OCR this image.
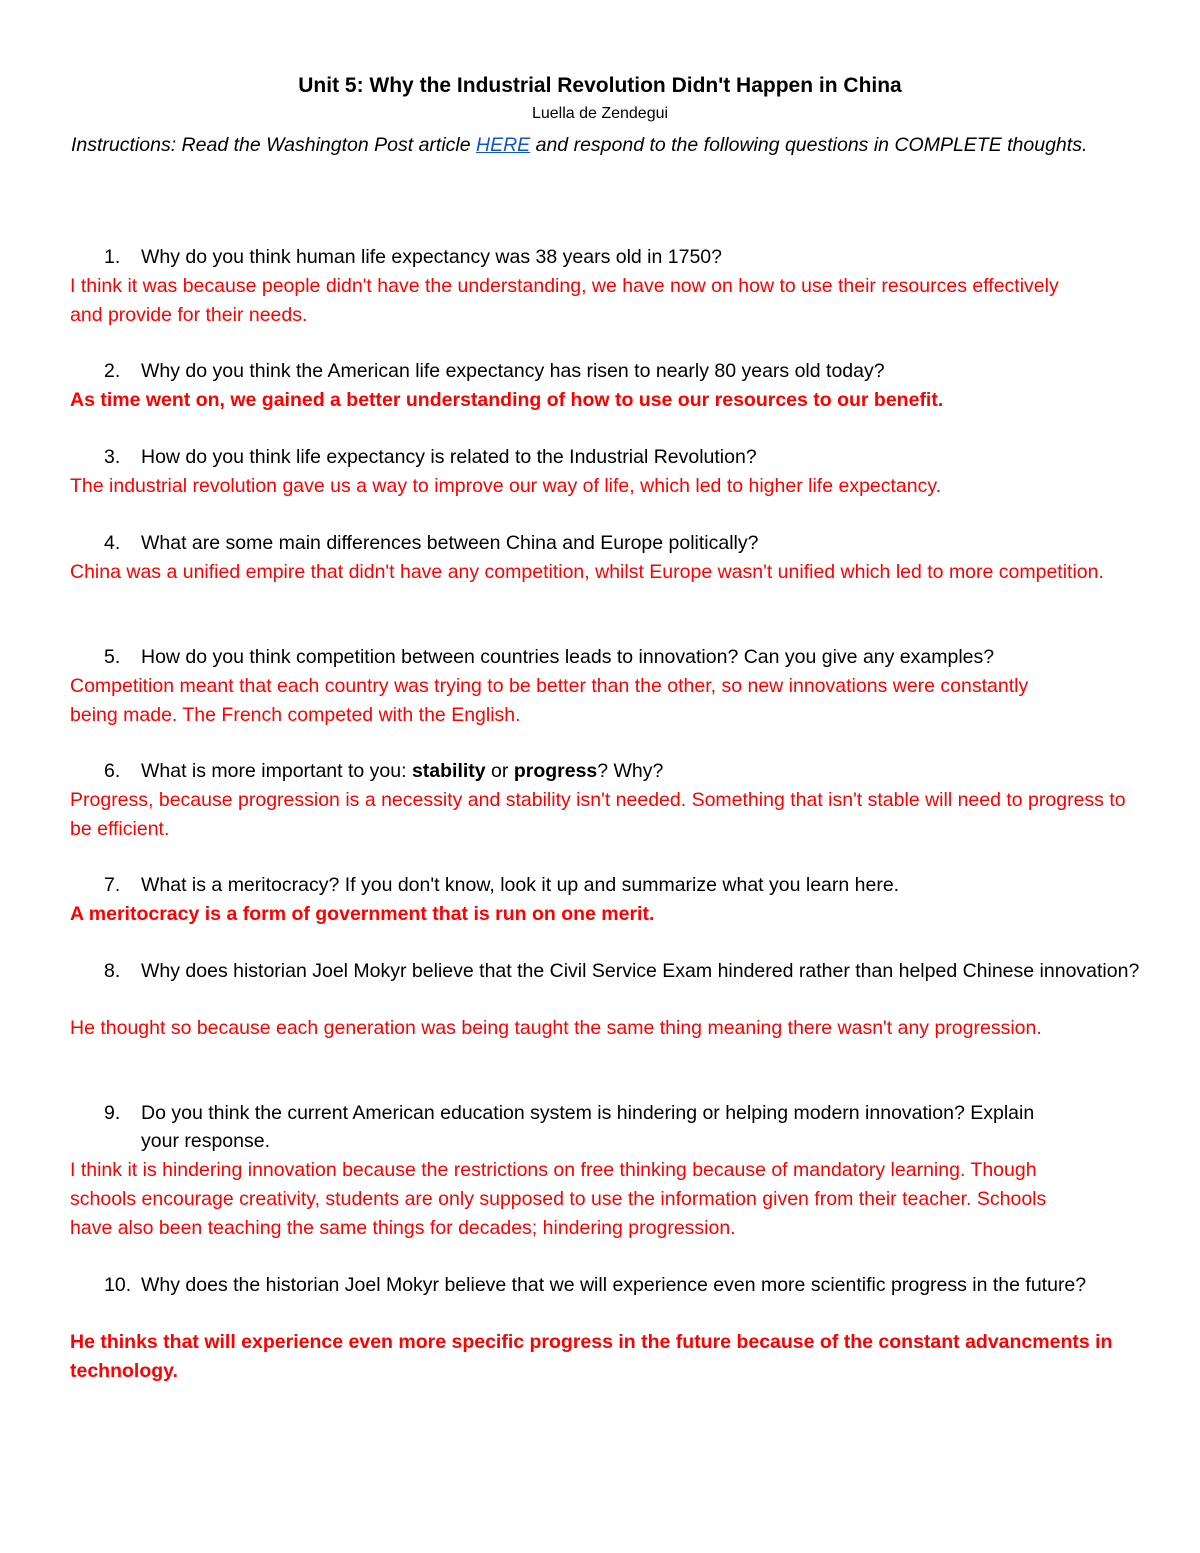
Unit 5: Why the Industrial Revolution Didn't Happen in China
Luella de Zendegui
Instructions: Read the Washington Post article HERE and respond to the following questions in COMPLETE thoughts.
1. Why do you think human life expectancy was 38 years old in 1750?
I think it was because people didn't have the understanding, we have now on how to use their resources effectively and provide for their needs.
2. Why do you think the American life expectancy has risen to nearly 80 years old today?
As time went on, we gained a better understanding of how to use our resources to our benefit.
3. How do you think life expectancy is related to the Industrial Revolution?
The industrial revolution gave us a way to improve our way of life, which led to higher life expectancy.
4. What are some main differences between China and Europe politically?
China was a unified empire that didn't have any competition, whilst Europe wasn't unified which led to more competition.
5. How do you think competition between countries leads to innovation? Can you give any examples?
Competition meant that each country was trying to be better than the other, so new innovations were constantly being made. The French competed with the English.
6. What is more important to you: stability or progress? Why?
Progress, because progression is a necessity and stability isn't needed. Something that isn't stable will need to progress to be efficient.
7. What is a meritocracy? If you don't know, look it up and summarize what you learn here.
A meritocracy is a form of government that is run on one merit.
8. Why does historian Joel Mokyr believe that the Civil Service Exam hindered rather than helped Chinese innovation?
He thought so because each generation was being taught the same thing meaning there wasn't any progression.
9. Do you think the current American education system is hindering or helping modern innovation? Explain your response.
I think it is hindering innovation because the restrictions on free thinking because of mandatory learning. Though schools encourage creativity, students are only supposed to use the information given from their teacher. Schools have also been teaching the same things for decades; hindering progression.
10. Why does the historian Joel Mokyr believe that we will experience even more scientific progress in the future?
He thinks that will experience even more specific progress in the future because of the constant advancments in technology.
